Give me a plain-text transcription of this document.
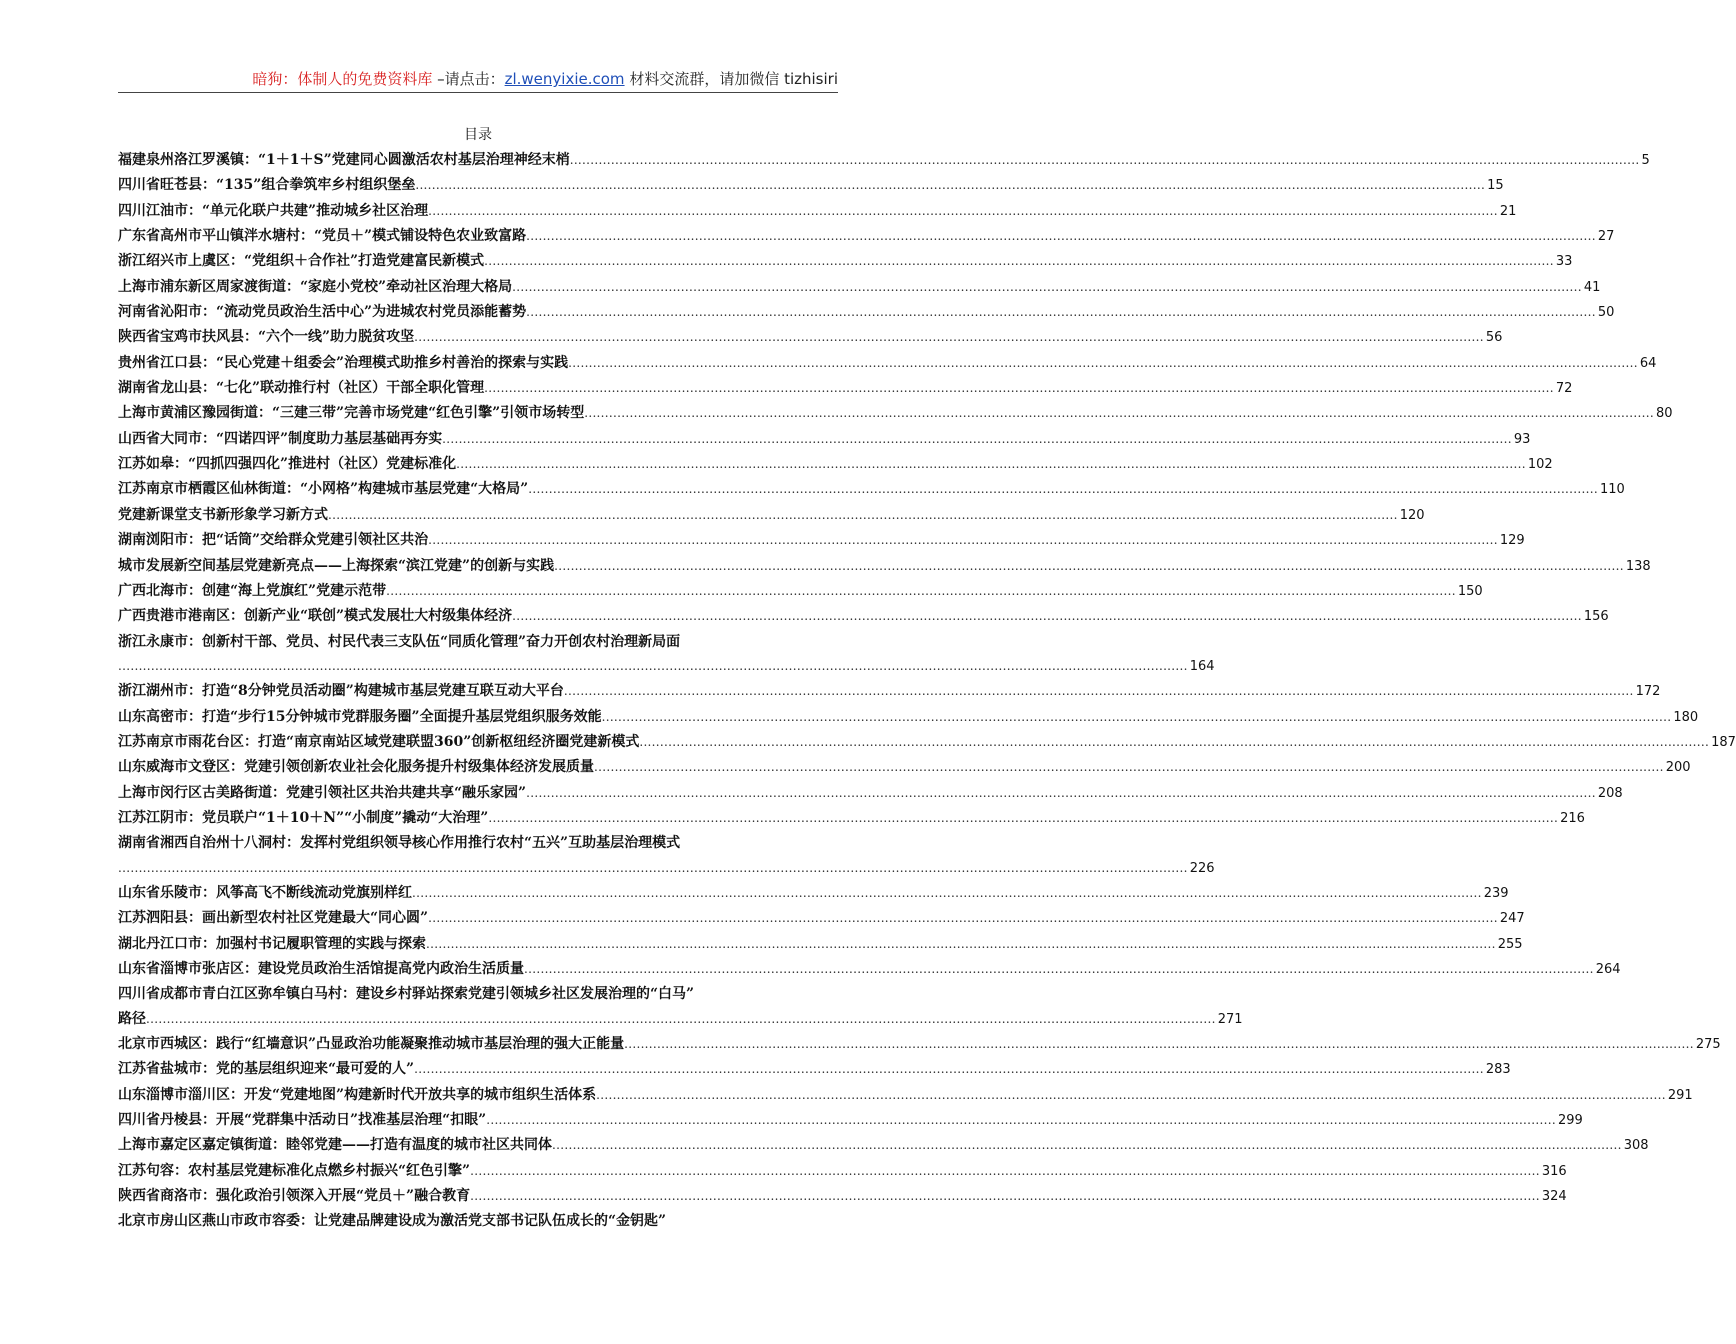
暗狗：体制人的免费资料库 –请点击：zl.wenyixie.com 材料交流群，请加微信 tizhisiri
目录
福建泉州洛江罗溪镇：“1＋1＋S”党建同心圆激活农村基层治理神经末梢 .................................................................................................................................................................................................................................................................... 5
四川省旺苍县：“135”组合拳筑牢乡村组织堡垒 .................................................................................................................................................................................................................................................................... 15
四川江油市：“单元化联户共建”推动城乡社区治理 .................................................................................................................................................................................................................................................................... 21
广东省高州市平山镇泮水塘村：“党员＋”模式铺设特色农业致富路 .................................................................................................................................................................................................................................................................... 27
浙江绍兴市上虞区：“党组织＋合作社”打造党建富民新模式 .................................................................................................................................................................................................................................................................... 33
上海市浦东新区周家渡街道：“家庭小党校”牵动社区治理大格局 .................................................................................................................................................................................................................................................................... 41
河南省沁阳市：“流动党员政治生活中心”为进城农村党员添能蓄势 .................................................................................................................................................................................................................................................................... 50
陕西省宝鸡市扶风县：“六个一线”助力脱贫攻坚 .................................................................................................................................................................................................................................................................... 56
贵州省江口县：“民心党建＋组委会”治理模式助推乡村善治的探索与实践 .................................................................................................................................................................................................................................................................... 64
湖南省龙山县：“七化”联动推行村（社区）干部全职化管理 .................................................................................................................................................................................................................................................................... 72
上海市黄浦区豫园街道：“三建三带”完善市场党建“红色引擎”引领市场转型 .................................................................................................................................................................................................................................................................... 80
山西省大同市：“四诺四评”制度助力基层基础再夯实 .................................................................................................................................................................................................................................................................... 93
江苏如皋：“四抓四强四化”推进村（社区）党建标准化 .................................................................................................................................................................................................................................................................... 102
江苏南京市栖霞区仙林街道：“小网格”构建城市基层党建“大格局” .................................................................................................................................................................................................................................................................... 110
党建新课堂支书新形象学习新方式 .................................................................................................................................................................................................................................................................... 120
湖南浏阳市：把“话筒”交给群众党建引领社区共治 .................................................................................................................................................................................................................................................................... 129
城市发展新空间基层党建新亮点——上海探索“滨江党建”的创新与实践 .................................................................................................................................................................................................................................................................... 138
广西北海市：创建“海上党旗红”党建示范带 .................................................................................................................................................................................................................................................................... 150
广西贵港市港南区：创新产业“联创”模式发展壮大村级集体经济 .................................................................................................................................................................................................................................................................... 156
浙江永康市：创新村干部、党员、村民代表三支队伍“同质化管理”奋力开创农村治理新局面
.................................................................................................................................................................................................................................................................... 164
浙江湖州市：打造“8分钟党员活动圈”构建城市基层党建互联互动大平台 .................................................................................................................................................................................................................................................................... 172
山东高密市：打造“步行15分钟城市党群服务圈”全面提升基层党组织服务效能 .................................................................................................................................................................................................................................................................... 180
江苏南京市雨花台区：打造“南京南站区域党建联盟360”创新枢纽经济圈党建新模式 .................................................................................................................................................................................................................................................................... 187
山东威海市文登区：党建引领创新农业社会化服务提升村级集体经济发展质量 .................................................................................................................................................................................................................................................................... 200
上海市闵行区古美路街道：党建引领社区共治共建共享“融乐家园” .................................................................................................................................................................................................................................................................... 208
江苏江阴市：党员联户“1＋10＋N”“小制度”撬动“大治理” .................................................................................................................................................................................................................................................................... 216
湖南省湘西自治州十八洞村：发挥村党组织领导核心作用推行农村“五兴”互助基层治理模式
.................................................................................................................................................................................................................................................................... 226
山东省乐陵市：风筝高飞不断线流动党旗别样红 .................................................................................................................................................................................................................................................................... 239
江苏泗阳县：画出新型农村社区党建最大“同心圆” .................................................................................................................................................................................................................................................................... 247
湖北丹江口市：加强村书记履职管理的实践与探索 .................................................................................................................................................................................................................................................................... 255
山东省淄博市张店区：建设党员政治生活馆提高党内政治生活质量 .................................................................................................................................................................................................................................................................... 264
四川省成都市青白江区弥牟镇白马村：建设乡村驿站探索党建引领城乡社区发展治理的“白马”
路径 .................................................................................................................................................................................................................................................................... 271
北京市西城区：践行“红墙意识”凸显政治功能凝聚推动城市基层治理的强大正能量 .................................................................................................................................................................................................................................................................... 275
江苏省盐城市：党的基层组织迎来“最可爱的人” .................................................................................................................................................................................................................................................................... 283
山东淄博市淄川区：开发“党建地图”构建新时代开放共享的城市组织生活体系 .................................................................................................................................................................................................................................................................... 291
四川省丹棱县：开展“党群集中活动日”找准基层治理“扣眼” .................................................................................................................................................................................................................................................................... 299
上海市嘉定区嘉定镇街道：睦邻党建——打造有温度的城市社区共同体 .................................................................................................................................................................................................................................................................... 308
江苏句容：农村基层党建标准化点燃乡村振兴“红色引擎” .................................................................................................................................................................................................................................................................... 316
陕西省商洛市：强化政治引领深入开展“党员＋”融合教育 .................................................................................................................................................................................................................................................................... 324
北京市房山区燕山市政市容委：让党建品牌建设成为激活党支部书记队伍成长的“金钥匙”
